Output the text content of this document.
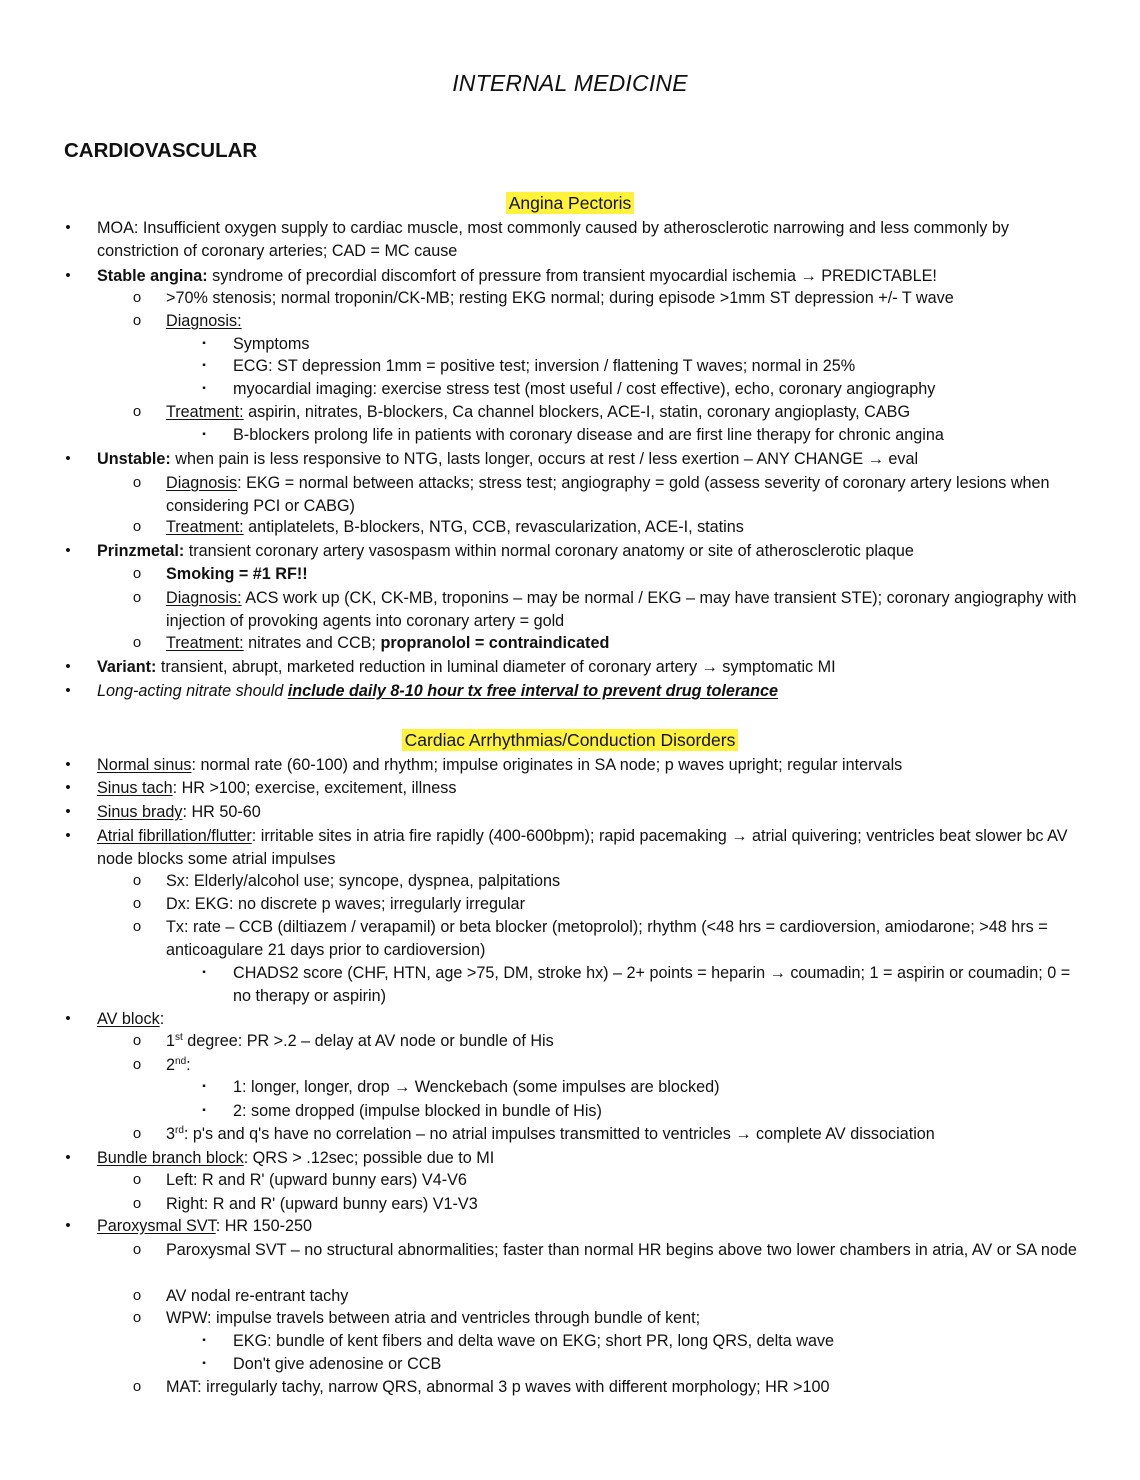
INTERNAL MEDICINE
CARDIOVASCULAR
Angina Pectoris
• MOA: Insufficient oxygen supply to cardiac muscle, most commonly caused by atherosclerotic narrowing and less commonly by constriction of coronary arteries; CAD = MC cause
• Stable angina: syndrome of precordial discomfort of pressure from transient myocardial ischemia → PREDICTABLE!
o >70% stenosis; normal troponin/CK-MB; resting EKG normal; during episode >1mm ST depression +/- T wave
o Diagnosis:
▪	Symptoms
▪	ECG: ST depression 1mm = positive test; inversion / flattening T waves; normal in 25%
▪	myocardial imaging: exercise stress test (most useful / cost effective), echo, coronary angiography
o Treatment: aspirin, nitrates, B-blockers, Ca channel blockers, ACE-I, statin, coronary angioplasty, CABG
▪	B-blockers prolong life in patients with coronary disease and are first line therapy for chronic angina
• Unstable: when pain is less responsive to NTG, lasts longer, occurs at rest / less exertion – ANY CHANGE → eval
o Diagnosis: EKG = normal between attacks; stress test; angiography = gold (assess severity of coronary artery lesions when considering PCI or CABG)
o Treatment: antiplatelets, B-blockers, NTG, CCB, revascularization, ACE-I, statins
• Prinzmetal: transient coronary artery vasospasm within normal coronary anatomy or site of atherosclerotic plaque
o Smoking = #1 RF!!
o Diagnosis: ACS work up (CK, CK-MB, troponins – may be normal / EKG – may have transient STE); coronary angiography with injection of provoking agents into coronary artery = gold
o Treatment: nitrates and CCB; propranolol = contraindicated
• Variant: transient, abrupt, marketed reduction in luminal diameter of coronary artery → symptomatic MI
• Long-acting nitrate should include daily 8-10 hour tx free interval to prevent drug tolerance
Cardiac Arrhythmias/Conduction Disorders
• Normal sinus: normal rate (60-100) and rhythm; impulse originates in SA node; p waves upright; regular intervals
• Sinus tach: HR >100; exercise, excitement, illness
• Sinus brady: HR 50-60
• Atrial fibrillation/flutter: irritable sites in atria fire rapidly (400-600bpm); rapid pacemaking → atrial quivering; ventricles beat slower bc AV node blocks some atrial impulses
o Sx: Elderly/alcohol use; syncope, dyspnea, palpitations
o Dx: EKG: no discrete p waves; irregularly irregular
o Tx: rate – CCB (diltiazem / verapamil) or beta blocker (metoprolol); rhythm (<48 hrs = cardioversion, amiodarone; >48 hrs = anticoagulare 21 days prior to cardioversion)
▪	CHADS2 score (CHF, HTN, age >75, DM, stroke hx) – 2+ points = heparin → coumadin; 1 = aspirin or coumadin; 0 = no therapy or aspirin)
• AV block:
o 1st degree: PR >.2 – delay at AV node or bundle of His
o 2nd:
▪	1: longer, longer, drop → Wenckebach (some impulses are blocked)
▪	2: some dropped (impulse blocked in bundle of His)
o 3rd: p's and q's have no correlation – no atrial impulses transmitted to ventricles → complete AV dissociation
• Bundle branch block: QRS > .12sec; possible due to MI
o Left: R and R' (upward bunny ears) V4-V6
o Right: R and R' (upward bunny ears) V1-V3
• Paroxysmal SVT: HR 150-250
o Paroxysmal SVT – no structural abnormalities; faster than normal HR begins above two lower chambers in atria, AV or SA node
o AV nodal re-entrant tachy
o WPW: impulse travels between atria and ventricles through bundle of kent;
▪	EKG: bundle of kent fibers and delta wave on EKG; short PR, long QRS, delta wave
▪	Don't give adenosine or CCB
o MAT: irregularly tachy, narrow QRS, abnormal 3 p waves with different morphology; HR >100
